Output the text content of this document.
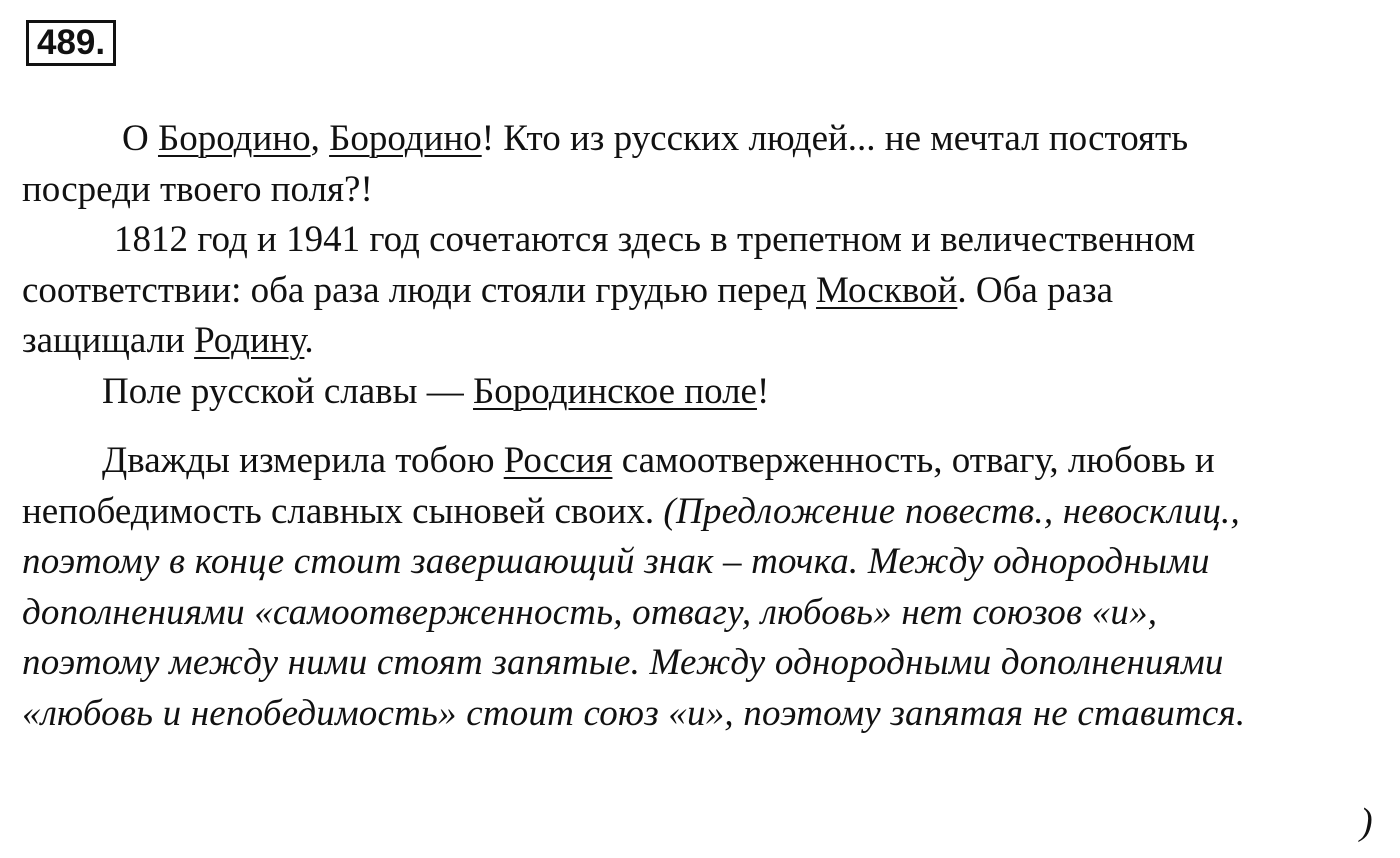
489.
О Бородино, Бородино! Кто из русских людей... не мечтал постоять
посреди твоего поля?!
1812 год и 1941 год сочетаются здесь в трепетном и величественном
соответствии: оба раза люди стояли грудью перед Москвой. Оба раза
защищали Родину.
Поле русской славы — Бородинское поле!
Дважды измерила тобою Россия самоотверженность, отвагу, любовь и
непобедимость славных сыновей своих. (Предложение повеств., невосклиц.,
поэтому в конце стоит завершающий знак – точка. Между однородными
дополнениями «самоотверженность, отвагу, любовь» нет союзов «и»,
поэтому между ними стоят запятые. Между однородными дополнениями
«любовь и непобедимость» стоит союз «и», поэтому запятая не ставится.
)
